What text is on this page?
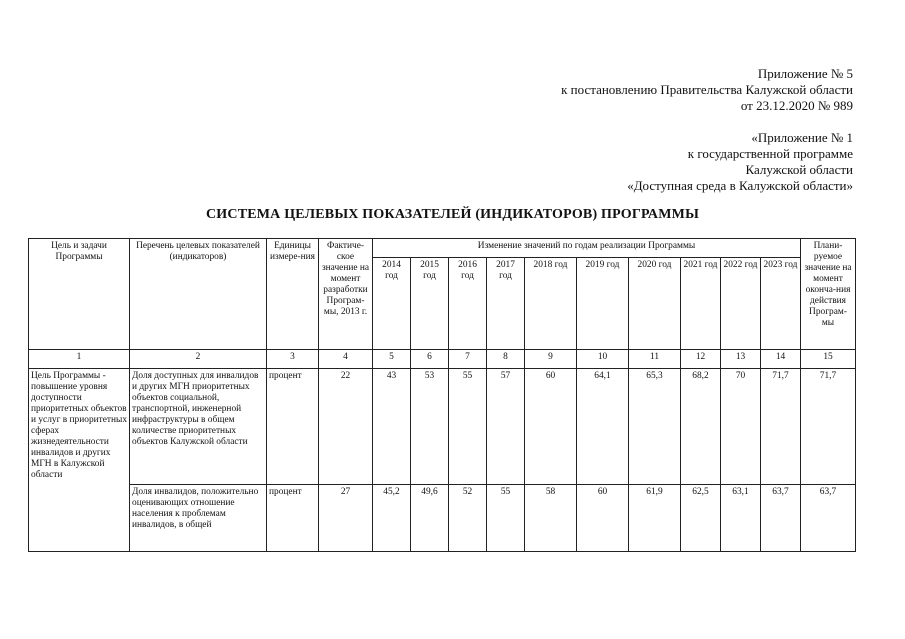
Приложение № 5
к постановлению Правительства Калужской области
от 23.12.2020 № 989
«Приложение № 1
к государственной программе
Калужской области
«Доступная среда в Калужской области»
СИСТЕМА ЦЕЛЕВЫХ ПОКАЗАТЕЛЕЙ (ИНДИКАТОРОВ) ПРОГРАММЫ
Цель и задачи Программы	Перечень целевых показателей (индикаторов)	Единицы измере-ния	Фактиче-ское значение на момент разработки Програм-мы, 2013 г.	Изменение значений по годам реализации Программы										Плани-руемое значение на момент оконча-ния действия Програм-мы
				2014 год	2015 год	2016 год	2017 год	2018 год	2019 год	2020 год	2021 год	2022 год	2023 год	
1	2	3	4	5	6	7	8	9	10	11	12	13	14	15
Цель Программы - повышение уровня доступности приоритетных объектов и услуг в приоритетных сферах жизнедеятельности инвалидов и других МГН в Калужской области	Доля доступных для инвалидов и других МГН приоритетных объектов социальной, транспортной, инженерной инфраструктуры в общем количестве приоритетных объектов Калужской области	процент	22	43	53	55	57	60	64,1	65,3	68,2	70	71,7	71,7
	Доля инвалидов, положительно оценивающих отношение населения к проблемам инвалидов, в общей	процент	27	45,2	49,6	52	55	58	60	61,9	62,5	63,1	63,7	63,7
